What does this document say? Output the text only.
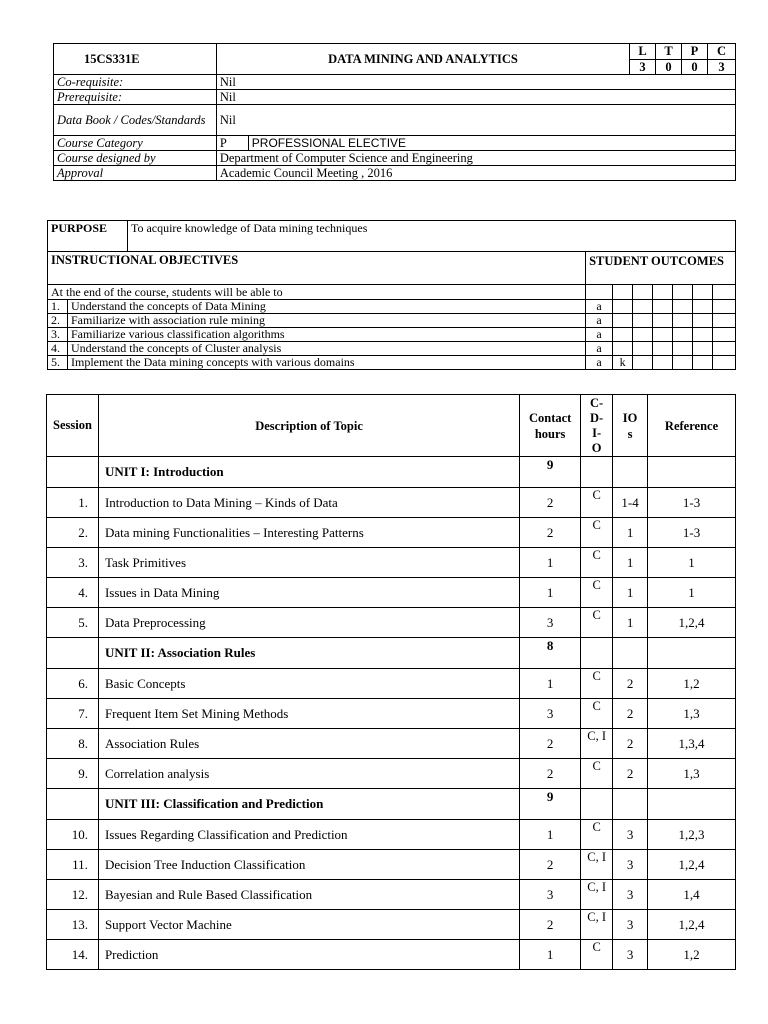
15CS331E	DATA MINING AND ANALYTICS		L	T	P	C
			3	0	0	3
Co-requisite:	Nil					
Prerequisite:	Nil					
Data Book / Codes/Standards	Nil					
Course Category	P	PROFESSIONAL ELECTIVE				
Course designed by	Department of Computer Science and Engineering					
Approval	Academic Council Meeting , 2016					
PURPOSE		To acquire knowledge of Data mining techniques							
INSTRUCTIONAL OBJECTIVES			STUDENT OUTCOMES						
At the end of the course, students will be able to									
1.	Understand the concepts of Data Mining		a						
2.	Familiarize with association rule mining		a						
3.	Familiarize various classification algorithms		a						
4.	Understand the concepts of Cluster analysis		a						
5.	Implement the Data mining concepts with various domains		a	k					
Session	Description of Topic	Contact hours	C-D-I-O	IOs	Reference
	UNIT I: Introduction	9			
1.	Introduction to Data Mining – Kinds of Data	2	C	1-4	1-3
2.	Data mining Functionalities – Interesting Patterns	2	C	1	1-3
3.	Task Primitives	1	C	1	1
4.	Issues in Data Mining	1	C	1	1
5.	Data Preprocessing	3	C	1	1,2,4
	UNIT II: Association Rules	8			
6.	Basic Concepts	1	C	2	1,2
7.	Frequent Item Set Mining Methods	3	C	2	1,3
8.	Association Rules	2	C, I	2	1,3,4
9.	Correlation analysis	2	C	2	1,3
	UNIT III: Classification and Prediction	9			
10.	Issues Regarding Classification and Prediction	1	C	3	1,2,3
11.	Decision Tree Induction Classification	2	C, I	3	1,2,4
12.	Bayesian and Rule Based Classification	3	C, I	3	1,4
13.	Support Vector Machine	2	C, I	3	1,2,4
14.	Prediction	1	C	3	1,2
